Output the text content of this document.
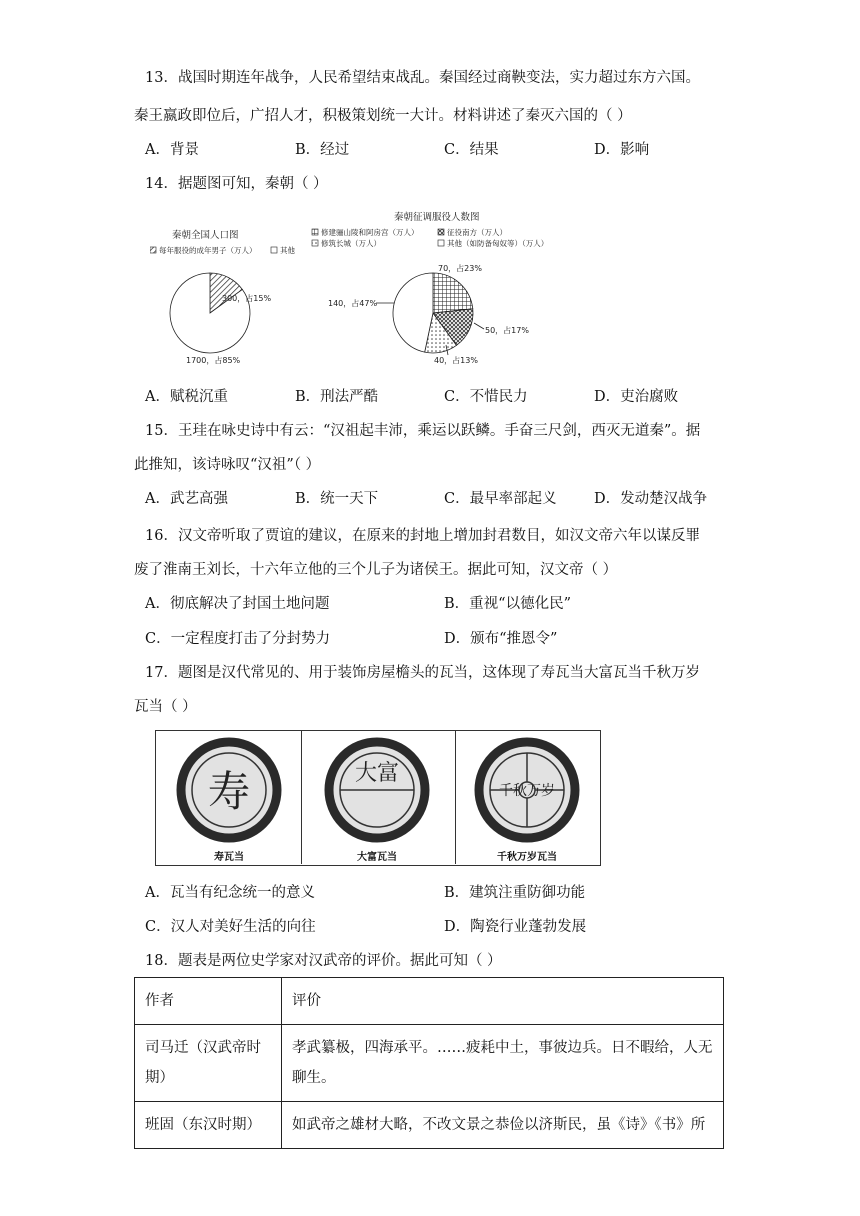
13．战国时期连年战争，人民希望结束战乱。秦国经过商鞅变法，实力超过东方六国。
秦王嬴政即位后，广招人才，积极策划统一大计。材料讲述了秦灭六国的（ ）
A．背景	B．经过	C．结果	D．影响
14．据题图可知，秦朝（ ）
秦朝全国人口图
每年服役的成年男子（万人）	其他
300，占15%
1700，占85%
秦朝征调服役人数图
修建骊山陵和阿房宫（万人）	征役南方（万人）
修筑长城（万人）	其他（如防备匈奴等）（万人）
70，占23%
50，占17%
40，占13%
140，占47%
A．赋税沉重	B．刑法严酷	C．不惜民力	D．吏治腐败
15．王珪在咏史诗中有云：“汉祖起丰沛，乘运以跃鳞。手奋三尺剑，西灭无道秦”。据
此推知，该诗咏叹“汉祖”（ ）
A．武艺高强	B．统一天下	C．最早率部起义	D．发动楚汉战争
16．汉文帝听取了贾谊的建议，在原来的封地上增加封君数目，如汉文帝六年以谋反罪
废了淮南王刘长，十六年立他的三个儿子为诸侯王。据此可知，汉文帝（ ）
A．彻底解决了封国土地问题	B．重视“以德化民”
C．一定程度打击了分封势力	D．颁布“推恩令”
17．题图是汉代常见的、用于装饰房屋檐头的瓦当，这体现了寿瓦当大富瓦当千秋万岁
瓦当（ ）
寿	大富
千秋万岁
寿瓦当	大富瓦当	千秋万岁瓦当
A．瓦当有纪念统一的意义	B．建筑注重防御功能
C．汉人对美好生活的向往	D．陶瓷行业蓬勃发展
18．题表是两位史学家对汉武帝的评价。据此可知（ ）
作者	评价
司马迁（汉武帝时期）	孝武纂极，四海承平。……疲耗中土，事彼边兵。日不暇给，人无聊生。
班固（东汉时期）	如武帝之雄材大略，不改文景之恭俭以济斯民，虽《诗》《书》所
